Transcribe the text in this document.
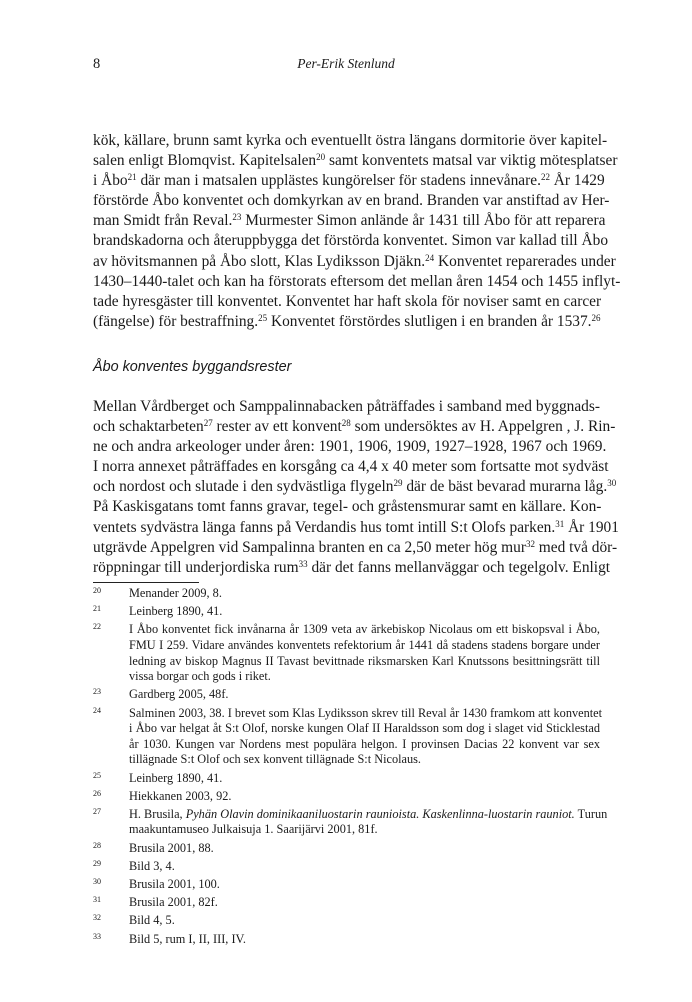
8	Per-Erik Stenlund
kök, källare, brunn samt kyrka och eventuellt östra längans dormitorie över kapitel-
salen enligt Blomqvist. Kapitelsalen$^{20}$ samt konventets matsal var viktig mötesplatser
i Åbo$^{21}$ där man i matsalen upplästes kungörelser för stadens innevånare.$^{22}$ År 1429
förstörde Åbo konventet och domkyrkan av en brand. Branden var anstiftad av Her-
man Smidt från Reval.$^{23}$ Murmester Simon anlände år 1431 till Åbo för att reparera
brandskadorna och återuppbygga det förstörda konventet. Simon var kallad till Åbo
av hövitsmannen på Åbo slott, Klas Lydiksson Djäkn.$^{24}$ Konventet reparerades under
1430–1440-talet och kan ha förstorats eftersom det mellan åren 1454 och 1455 inflyt-
tade hyresgäster till konventet. Konventet har haft skola för noviser samt en carcer
(fängelse) för bestraffning.$^{25}$ Konventet förstördes slutligen i en branden år 1537.26
Åbo konventes byggandsrester
Mellan Vårdberget och Samppalinnabacken påträffades i samband med byggnads-
och schaktarbeten$^{27}$ rester av ett konvent$^{28}$ som undersöktes av H. Appelgren , J. Rin-
ne och andra arkeologer under åren: 1901, 1906, 1909, 1927–1928, 1967 och 1969.
I norra annexet påträffades en korsgång ca 4,4 x 40 meter som fortsatte mot sydväst
och nordost och slutade i den sydvästliga flygeln$^{29}$ där de bäst bevarad murarna låg.$^{30}$
På Kaskisgatans tomt fanns gravar, tegel- och gråstensmurar samt en källare. Kon-
ventets sydvästra länga fanns på Verdandis hus tomt intill S:t Olofs parken.$^{31}$ År 1901
utgrävde Appelgren vid Sampalinna branten en ca 2,50 meter hög mur$^{32}$ med två dör-
röppningar till underjordiska rum$^{33}$ där det fanns mellanväggar och tegelgolv. Enligt
20 Menander 2009, 8.
21 Leinberg 1890, 41.
22 I Åbo konventet fick invånarna år 1309 veta av ärkebiskop Nicolaus om ett biskopsval i Åbo,
FMU I 259. Vidare användes konventets refektorium år 1441 då stadens stadens borgare under
ledning av biskop Magnus II Tavast bevittnade riksmarsken Karl Knutssons besittningsrätt till
vissa borgar och gods i riket.
23 Gardberg 2005, 48f.
24 Salminen 2003, 38. I brevet som Klas Lydiksson skrev till Reval år 1430 framkom att konventet
i Åbo var helgat åt S:t Olof, norske kungen Olaf II Haraldsson som dog i slaget vid Sticklestad
år 1030. Kungen var Nordens mest populära helgon. I provinsen Dacias 22 konvent var sex
tillägnade S:t Olof och sex konvent tillägnade S:t Nicolaus.
25 Leinberg 1890, 41.
26 Hiekkanen 2003, 92.
27 H. Brusila, Pyhän Olavin dominikaaniluostarin raunioista. Kaskenlinna-luostarin rauniot. Turun
maakuntamuseo Julkaisuja 1. Saarijärvi 2001, 81f.
28 Brusila 2001, 88.
29 Bild 3, 4.
30 Brusila 2001, 100.
31 Brusila 2001, 82f.
32 Bild 4, 5.
33 Bild 5, rum I, II, III, IV.
